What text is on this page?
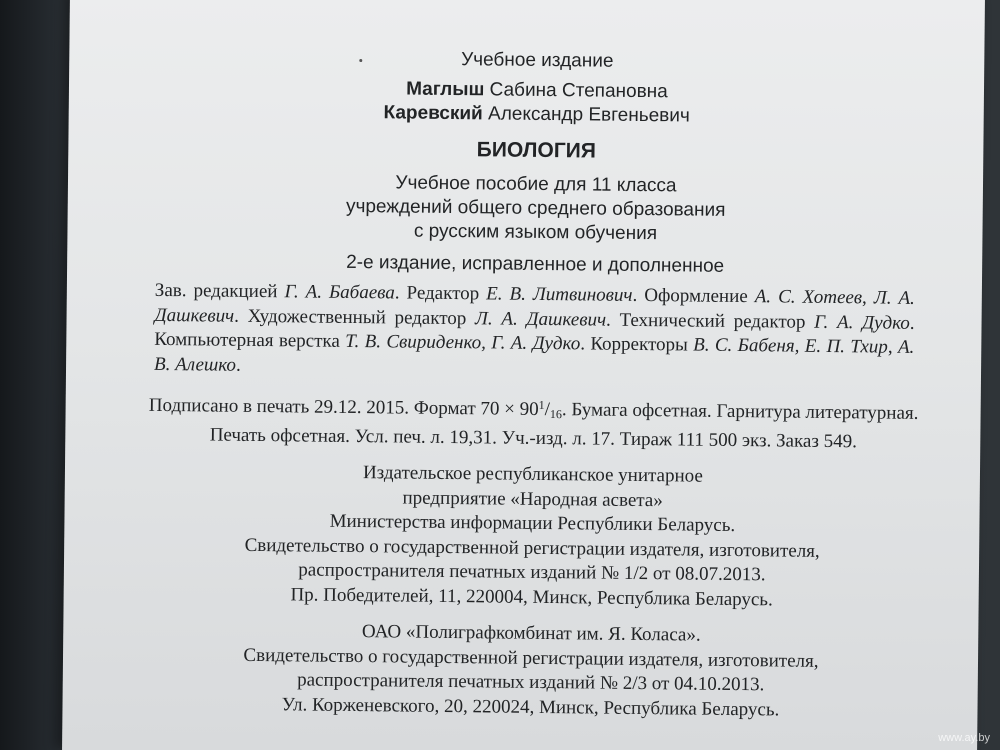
Учебное издание
Маглыш Сабина Степановна
Каревский Александр Евгеньевич
БИОЛОГИЯ
Учебное пособие для 11 класса
учреждений общего среднего образования
с русским языком обучения
2-е издание, исправленное и дополненное
Зав. редакцией Г. А. Бабаева. Редактор Е. В. Литвинович. Оформление А. С. Хотеев, Л. А. Дашкевич. Художественный редактор Л. А. Дашкевич. Технический редактор Г. А. Дудко. Компьютерная верстка Т. В. Свириденко, Г. А. Дудко. Корректоры В. С. Бабеня, Е. П. Тхир, А. В. Алешко.
Подписано в печать 29.12. 2015. Формат $70 \times 90^1/_{16}$. Бумага офсетная. Гарнитура литературная.
Печать офсетная. Усл. печ. л. 19,31. Уч.-изд. л. 17. Тираж 111 500 экз. Заказ 549.
Издательское республиканское унитарное
предприятие «Народная асвета»
Министерства информации Республики Беларусь.
Свидетельство о государственной регистрации издателя, изготовителя,
распространителя печатных изданий № 1/2 от 08.07.2013.
Пр. Победителей, 11, 220004, Минск, Республика Беларусь.
ОАО «Полиграфкомбинат им. Я. Коласа».
Свидетельство о государственной регистрации издателя, изготовителя,
распространителя печатных изданий № 2/3 от 04.10.2013.
Ул. Корженевского, 20, 220024, Минск, Республика Беларусь.
www.ay.by
